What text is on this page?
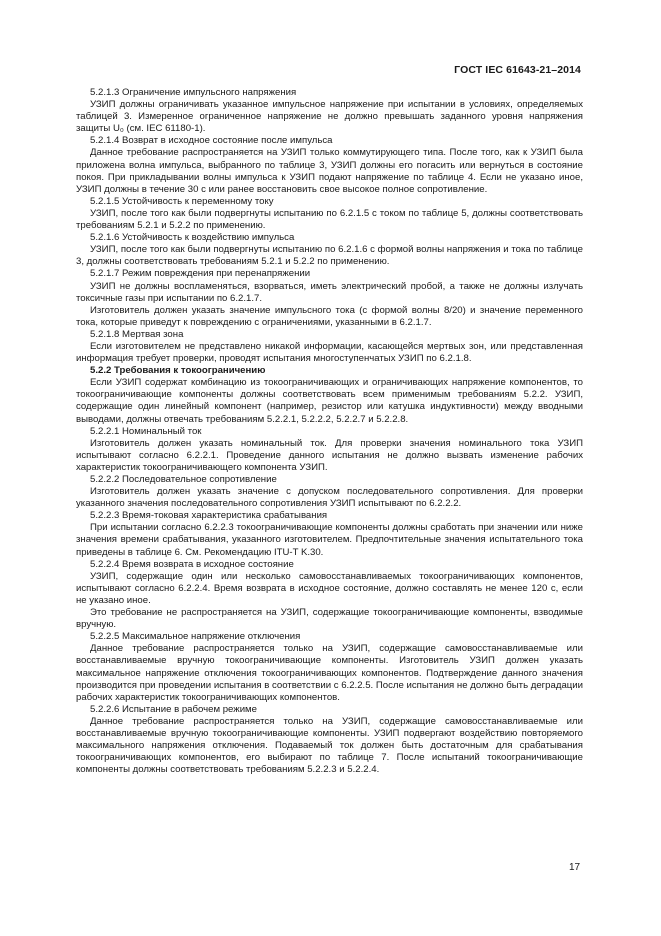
ГОСТ IEC 61643-21–2014

5.2.1.3 Ограничение импульсного напряжения

УЗИП должны ограничивать указанное импульсное напряжение при испытании в условиях, определяемых таблицей 3. Измеренное ограниченное напряжение не должно превышать заданного уровня напряжения защиты U₀ (см. IEC 61180-1).

5.2.1.4 Возврат в исходное состояние после импульса

Данное требование распространяется на УЗИП только коммутирующего типа. После того, как к УЗИП была приложена волна импульса, выбранного по таблице 3, УЗИП должны его погасить или вернуться в состояние покоя. При прикладывании волны импульса к УЗИП подают напряжение по таблице 4. Если не указано иное, УЗИП должны в течение 30 с или ранее восстановить свое высокое полное сопротивление.

5.2.1.5 Устойчивость к переменному току

УЗИП, после того как были подвергнуты испытанию по 6.2.1.5 с током по таблице 5, должны соответствовать требованиям 5.2.1 и 5.2.2 по применению.

5.2.1.6 Устойчивость к воздействию импульса

УЗИП, после того как были подвергнуты испытанию по 6.2.1.6 с формой волны напряжения и тока по таблице 3, должны соответствовать требованиям 5.2.1 и 5.2.2 по применению.

5.2.1.7 Режим повреждения при перенапряжении

УЗИП не должны воспламеняться, взорваться, иметь электрический пробой, а также не должны излучать токсичные газы при испытании по 6.2.1.7.

Изготовитель должен указать значение импульсного тока (с формой волны 8/20) и значение переменного тока, которые приведут к повреждению с ограничениями, указанными в 6.2.1.7.

5.2.1.8 Мертвая зона

Если изготовителем не представлено никакой информации, касающейся мертвых зон, или представленная информация требует проверки, проводят испытания многоступенчатых УЗИП по 6.2.1.8.

5.2.2 Требования к токоограничению

Если УЗИП содержат комбинацию из токоограничивающих и ограничивающих напряжение компонентов, то токоограничивающие компоненты должны соответствовать всем применимым требованиям 5.2.2. УЗИП, содержащие один линейный компонент (например, резистор или катушка индуктивности) между вводными выводами, должны отвечать требованиям 5.2.2.1, 5.2.2.2, 5.2.2.7 и 5.2.2.8.

5.2.2.1 Номинальный ток

Изготовитель должен указать номинальный ток. Для проверки значения номинального тока УЗИП испытывают согласно 6.2.2.1. Проведение данного испытания не должно вызвать изменение рабочих характеристик токоограничивающего компонента УЗИП.

5.2.2.2 Последовательное сопротивление

Изготовитель должен указать значение с допуском последовательного сопротивления. Для проверки указанного значения последовательного сопротивления УЗИП испытывают по 6.2.2.2.

5.2.2.3 Время-токовая характеристика срабатывания

При испытании согласно 6.2.2.3 токоограничивающие компоненты должны сработать при значении или ниже значения времени срабатывания, указанного изготовителем. Предпочтительные значения испытательного тока приведены в таблице 6. См. Рекомендацию ITU-T K.30.

5.2.2.4 Время возврата в исходное состояние

УЗИП, содержащие один или несколько самовосстанавливаемых токоограничивающих компонентов, испытывают согласно 6.2.2.4. Время возврата в исходное состояние, должно составлять не менее 120 с, если не указано иное.

Это требование не распространяется на УЗИП, содержащие токоограничивающие компоненты, взводимые вручную.

5.2.2.5 Максимальное напряжение отключения

Данное требование распространяется только на УЗИП, содержащие самовосстанавливаемые или восстанавливаемые вручную токоограничивающие компоненты. Изготовитель УЗИП должен указать максимальное напряжение отключения токоограничивающих компонентов. Подтверждение данного значения производится при проведении испытания в соответствии с 6.2.2.5. После испытания не должно быть деградации рабочих характеристик токоограничивающих компонентов.

5.2.2.6 Испытание в рабочем режиме

Данное требование распространяется только на УЗИП, содержащие самовосстанавливаемые или восстанавливаемые вручную токоограничивающие компоненты. УЗИП подвергают воздействию повторяемого максимального напряжения отключения. Подаваемый ток должен быть достаточным для срабатывания токоограничивающих компонентов, его выбирают по таблице 7. После испытаний токоограничивающие компоненты должны соответствовать требованиям 5.2.2.3 и 5.2.2.4.

17
